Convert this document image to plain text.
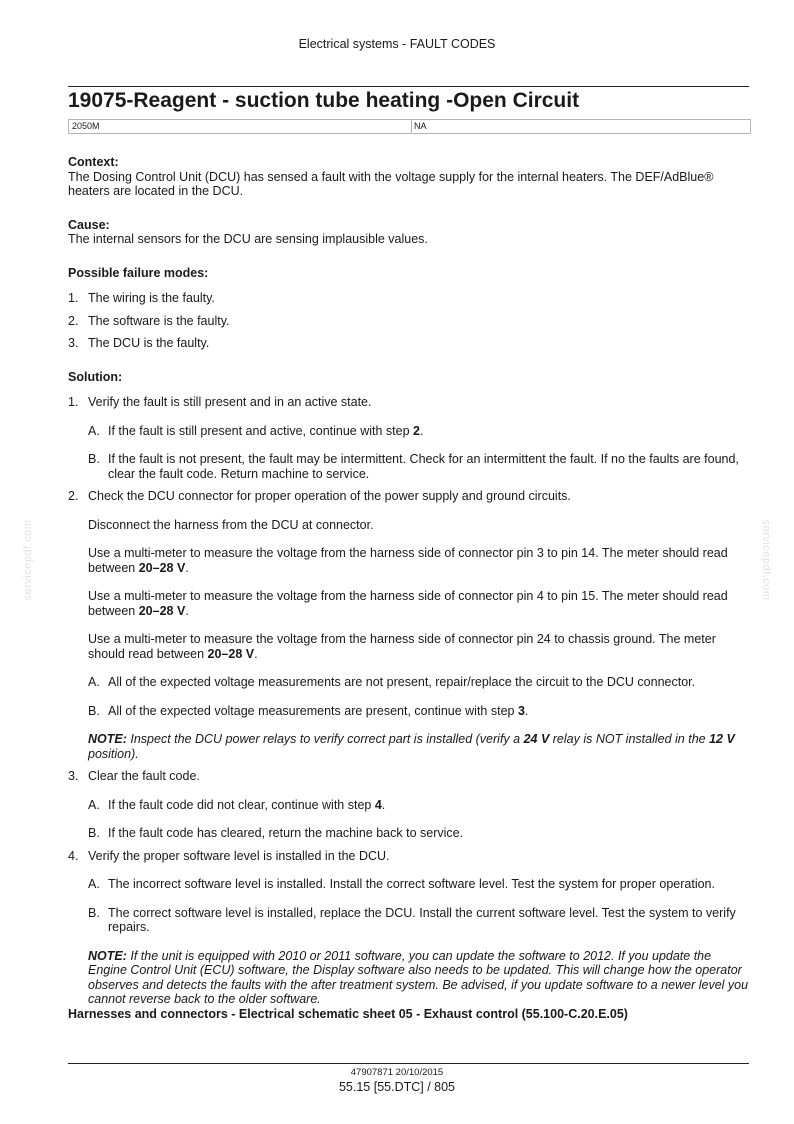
Electrical systems - FAULT CODES
19075-Reagent - suction tube heating -Open Circuit
2050M	NA

Context:

The Dosing Control Unit (DCU) has sensed a fault with the voltage supply for the internal heaters. The DEF/AdBlue® heaters are located in the DCU.

Cause:

The internal sensors for the DCU are sensing implausible values.

Possible failure modes:

1. The wiring is the faulty.
2. The software is the faulty.
3. The DCU is the faulty.

Solution:

1. Verify the fault is still present and in an active state.
A. If the fault is still present and active, continue with step 2.
B. If the fault is not present, the fault may be intermittent. Check for an intermittent the fault. If no the faults are found, clear the fault code. Return machine to service.
2. Check the DCU connector for proper operation of the power supply and ground circuits.

Disconnect the harness from the DCU at connector.

Use a multi-meter to measure the voltage from the harness side of connector pin 3 to pin 14. The meter should read between 20–28 V.

Use a multi-meter to measure the voltage from the harness side of connector pin 4 to pin 15. The meter should read between 20–28 V.

Use a multi-meter to measure the voltage from the harness side of connector pin 24 to chassis ground. The meter should read between 20–28 V.

A. All of the expected voltage measurements are not present, repair/replace the circuit to the DCU connector.
B. All of the expected voltage measurements are present, continue with step 3.

NOTE: Inspect the DCU power relays to verify correct part is installed (verify a 24 V relay is NOT installed in the 12 V position).

3. Clear the fault code.
A. If the fault code did not clear, continue with step 4.
B. If the fault code has cleared, return the machine back to service.
4. Verify the proper software level is installed in the DCU.
A. The incorrect software level is installed. Install the correct software level. Test the system for proper operation.
B. The correct software level is installed, replace the DCU. Install the current software level. Test the system to verify repairs.

NOTE: If the unit is equipped with 2010 or 2011 software, you can update the software to 2012. If you update the Engine Control Unit (ECU) software, the Display software also needs to be updated. This will change how the operator observes and detects the faults with the after treatment system. Be advised, if you update software to a newer level you cannot reverse back to the older software.

Harnesses and connectors - Electrical schematic sheet 05 - Exhaust control (55.100-C.20.E.05)

servicepdf.com	servicepdf.com
47907871 20/10/2015
55.15 [55.DTC] / 805
